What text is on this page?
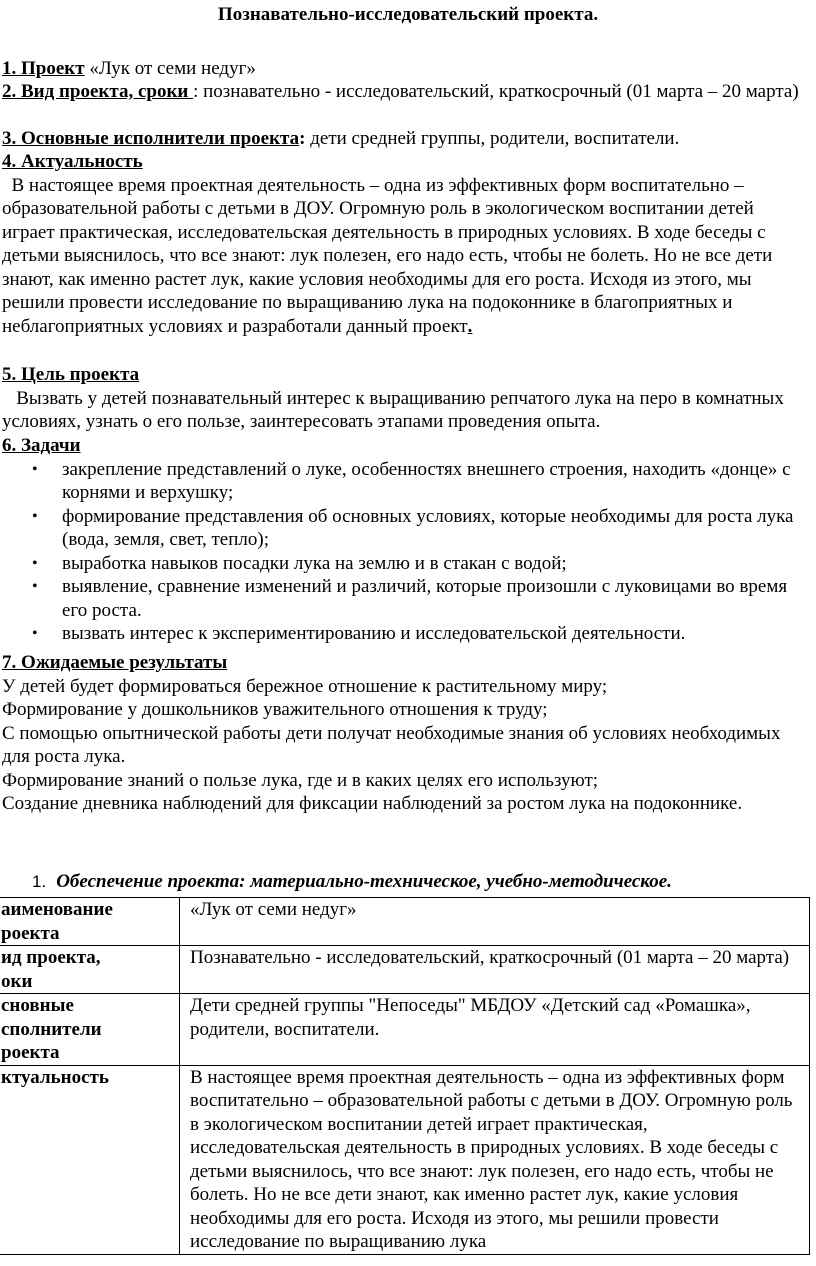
Познавательно-исследовательский проекта.
1. Проект «Лук от семи недуг»
2. Вид проекта, сроки : познавательно - исследовательский, краткосрочный (01 марта – 20 марта)
3. Основные исполнители проекта: дети средней группы, родители, воспитатели.
4. Актуальность
В настоящее время проектная деятельность – одна из эффективных форм воспитательно – образовательной работы с детьми в ДОУ. Огромную роль в экологическом воспитании детей играет практическая, исследовательская деятельность в природных условиях. В ходе беседы с детьми выяснилось, что все знают: лук полезен, его надо есть, чтобы не болеть. Но не все дети знают, как именно растет лук, какие условия необходимы для его роста. Исходя из этого, мы решили провести исследование по выращиванию лука на подоконнике в благоприятных и неблагоприятных условиях и разработали данный проект.
5. Цель проекта
Вызвать у детей познавательный интерес к выращиванию репчатого лука на перо в комнатных условиях, узнать о его пользе, заинтересовать этапами проведения опыта.
6. Задачи
• закрепление представлений о луке, особенностях внешнего строения, находить «донце» с корнями и верхушку;
• формирование представления об основных условиях, которые необходимы для роста лука (вода, земля, свет, тепло);
• выработка навыков посадки лука на землю и в стакан с водой;
• выявление, сравнение изменений и различий, которые произошли с луковицами во время его роста.
• вызвать интерес к экспериментированию и исследовательской деятельности.
7. Ожидаемые результаты
У детей будет формироваться бережное отношение к растительному миру;
Формирование у дошкольников уважительного отношения к труду;
С помощью опытнической работы дети получат необходимые знания об условиях необходимых для роста лука.
Формирование знаний о пользе лука, где и в каких целях его используют;
Создание дневника наблюдений для фиксации наблюдений за ростом лука на подоконнике.
1. Обеспечение проекта: материально-техническое, учебно-методическое.
аименование
роекта	«Лук от семи недуг»

ид проекта,
оки	Познавательно - исследовательский, краткосрочный (01 марта – 20 марта)

сновные
сполнители
роекта	Дети средней группы "Непоседы" МБДОУ «Детский сад «Ромашка», родители, воспитатели.

ктуальность	В настоящее время проектная деятельность – одна из эффективных форм воспитательно – образовательной работы с детьми в ДОУ. Огромную роль в экологическом воспитании детей играет практическая, исследовательская деятельность в природных условиях. В ходе беседы с детьми выяснилось, что все знают: лук полезен, его надо есть, чтобы не болеть. Но не все дети знают, как именно растет лук, какие условия необходимы для его роста. Исходя из этого, мы решили провести исследование по выращиванию лука
